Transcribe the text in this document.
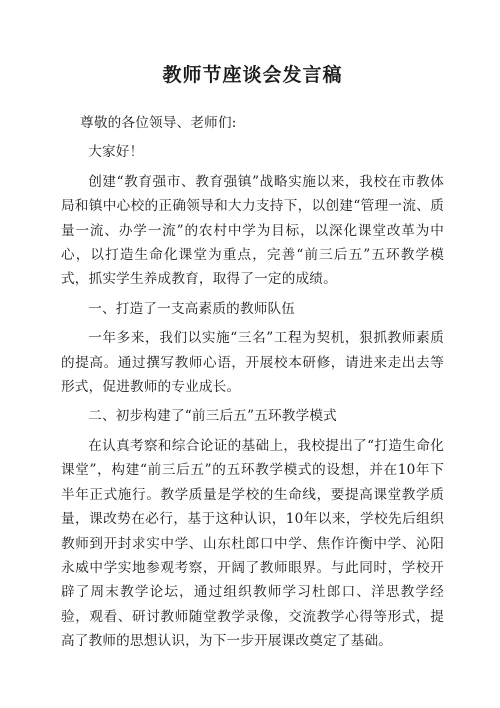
教师节座谈会发言稿

尊敬的各位领导、老师们:

大家好！

创建“教育强市、教育强镇”战略实施以来，我校在市教体局和镇中心校的正确领导和大力支持下，以创建“管理一流、质量一流、办学一流”的农村中学为目标，以深化课堂改革为中心，以打造生命化课堂为重点，完善“前三后五”五环教学模式，抓实学生养成教育，取得了一定的成绩。

一、打造了一支高素质的教师队伍

一年多来，我们以实施“三名”工程为契机，狠抓教师素质的提高。通过撰写教师心语，开展校本研修，请进来走出去等形式，促进教师的专业成长。

二、初步构建了“前三后五”五环教学模式

在认真考察和综合论证的基础上，我校提出了“打造生命化课堂”，构建“前三后五”的五环教学模式的设想，并在10年下半年正式施行。教学质量是学校的生命线，要提高课堂教学质量，课改势在必行，基于这种认识，10年以来，学校先后组织教师到开封求实中学、山东杜郎口中学、焦作许衡中学、沁阳永威中学实地参观考察，开阔了教师眼界。与此同时，学校开辟了周末教学论坛，通过组织教师学习杜郎口、洋思教学经验，观看、研讨教师随堂教学录像，交流教学心得等形式，提高了教师的思想认识，为下一步开展课改奠定了基础。
